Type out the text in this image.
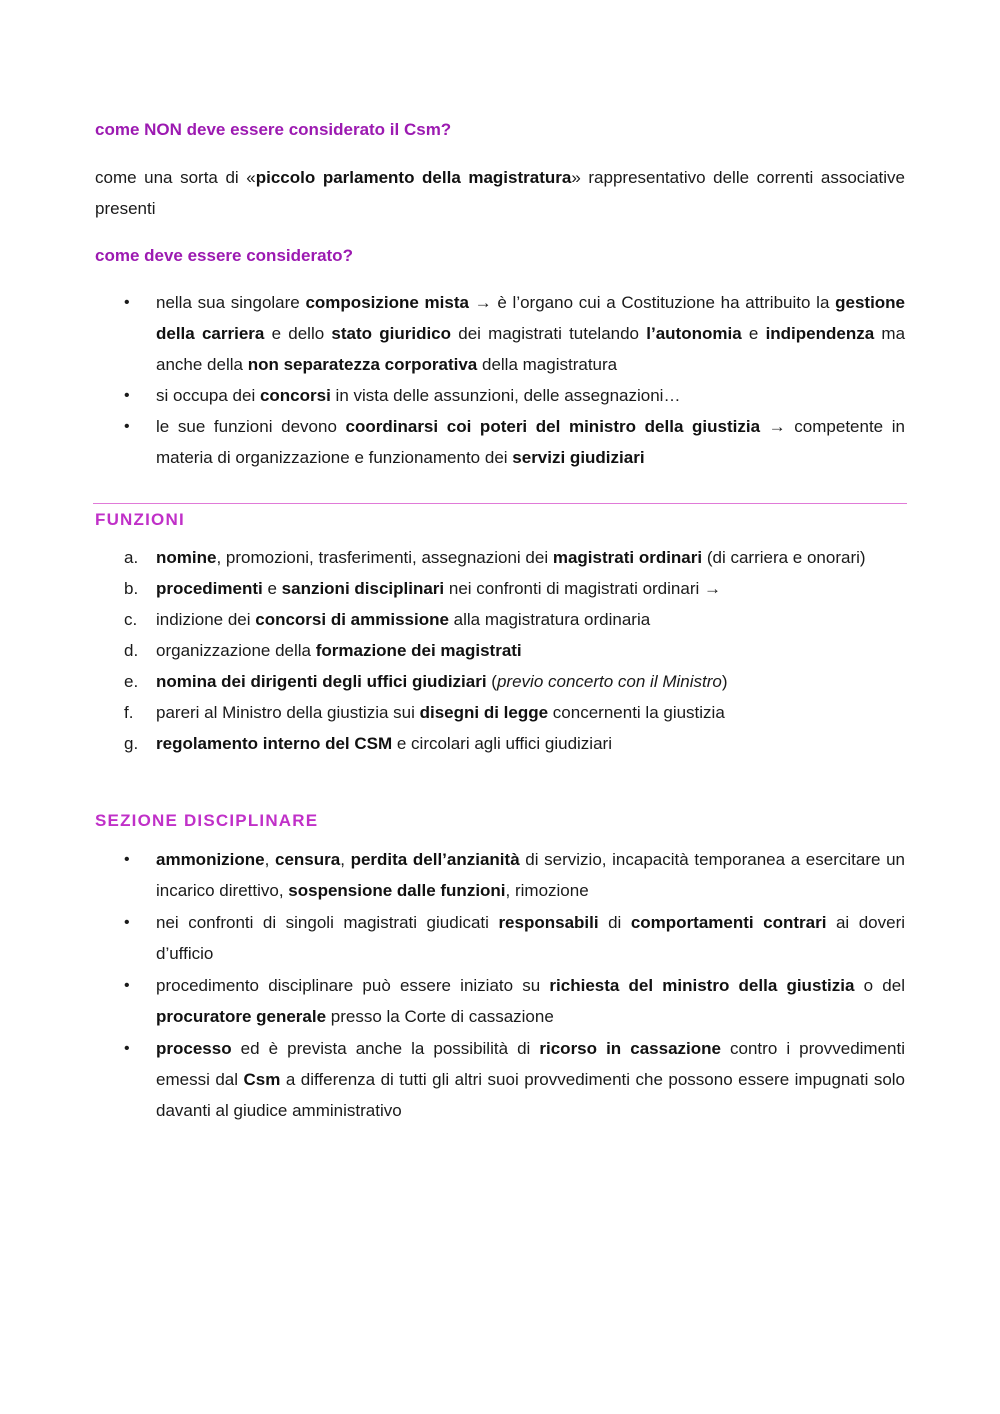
come NON deve essere considerato il Csm?

come una sorta di «piccolo parlamento della magistratura» rappresentativo delle correnti associative presenti

come deve essere considerato?
• nella sua singolare composizione mista → è l’organo cui a Costituzione ha attribuito la gestione della carriera e dello stato giuridico dei magistrati tutelando l’autonomia e indipendenza ma anche della non separatezza corporativa della magistratura
• si occupa dei concorsi in vista delle assunzioni, delle assegnazioni…
• le sue funzioni devono coordinarsi coi poteri del ministro della giustizia → competente in materia di organizzazione e funzionamento dei servizi giudiziari
FUNZIONI
a.	nomine, promozioni, trasferimenti, assegnazioni dei magistrati ordinari (di carriera e onorari)
b.	procedimenti e sanzioni disciplinari nei confronti di magistrati ordinari →
c.	indizione dei concorsi di ammissione alla magistratura ordinaria
d.	organizzazione della formazione dei magistrati
e.	nomina dei dirigenti degli uffici giudiziari (previo concerto con il Ministro)
f.	pareri al Ministro della giustizia sui disegni di legge concernenti la giustizia
g.	regolamento interno del CSM e circolari agli uffici giudiziari
SEZIONE DISCIPLINARE
• ammonizione, censura, perdita dell’anzianità di servizio, incapacità temporanea a esercitare un incarico direttivo, sospensione dalle funzioni, rimozione
• nei confronti di singoli magistrati giudicati responsabili di comportamenti contrari ai doveri d’ufficio
• procedimento disciplinare può essere iniziato su richiesta del ministro della giustizia o del procuratore generale presso la Corte di cassazione
• processo ed è prevista anche la possibilità di ricorso in cassazione contro i provvedimenti emessi dal Csm a differenza di tutti gli altri suoi provvedimenti che possono essere impugnati solo davanti al giudice amministrativo
